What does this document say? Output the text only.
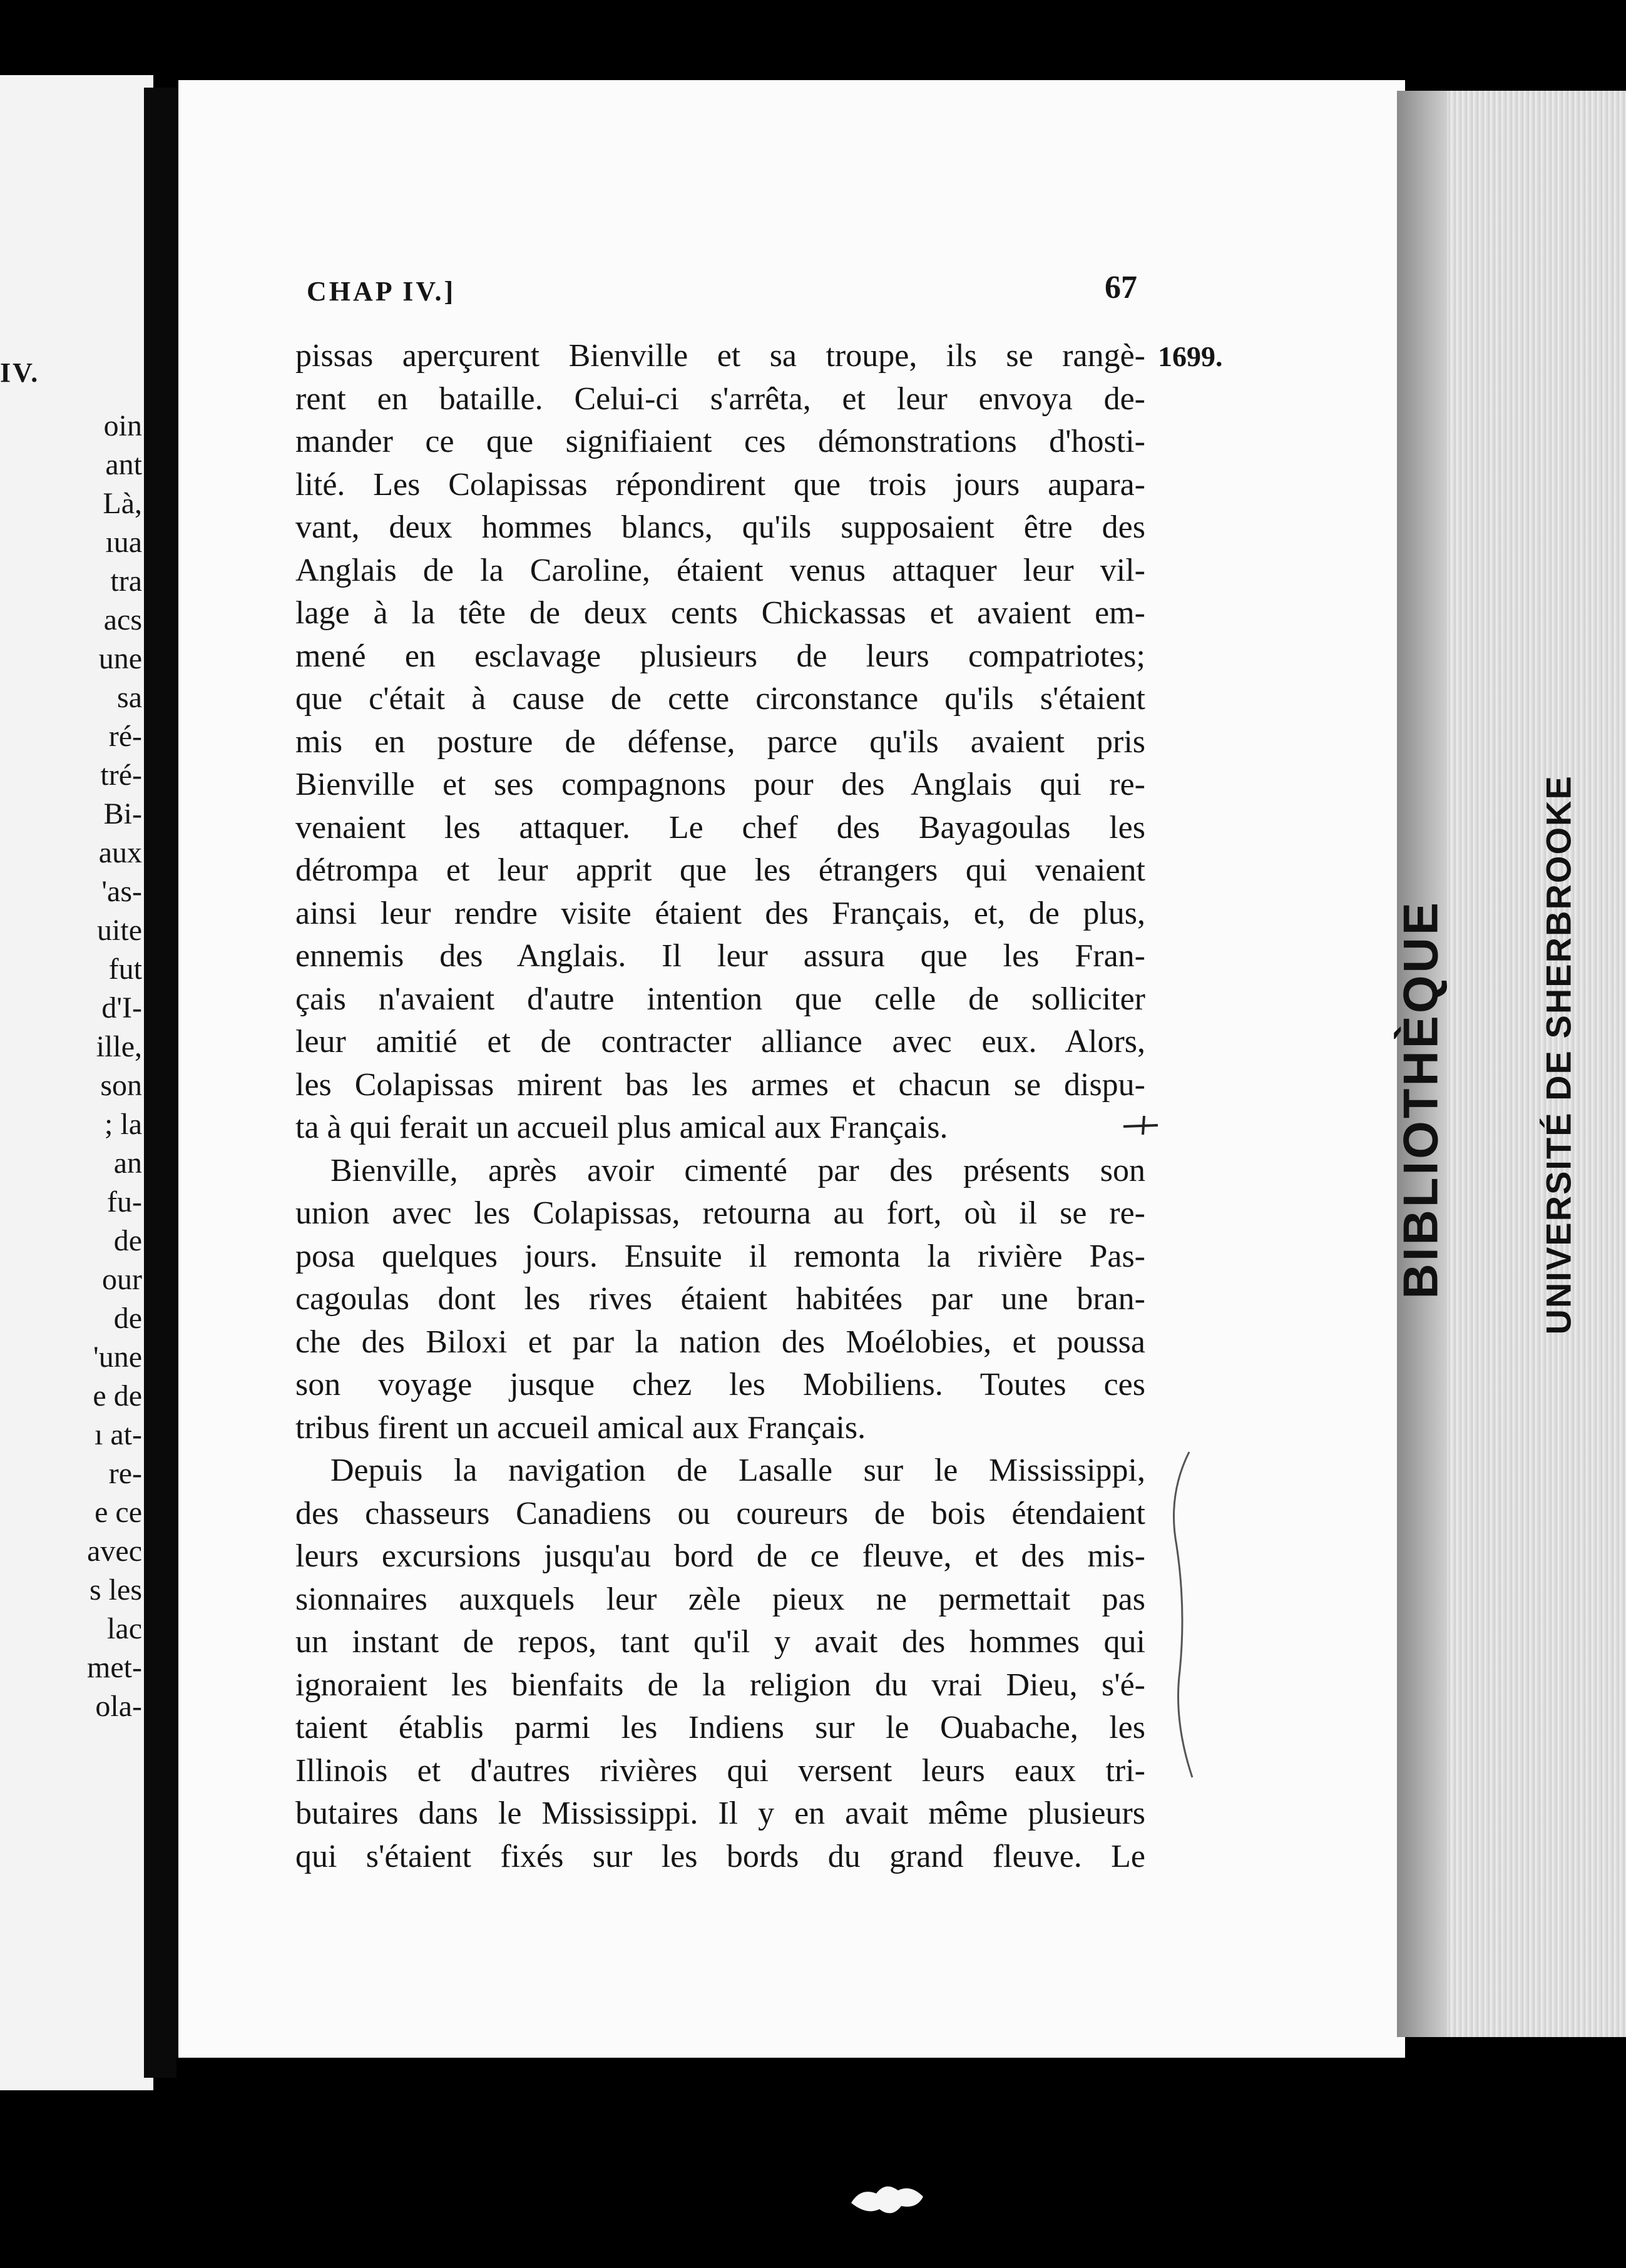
IV.
oin
ant
Là,
ıua
tra
acs
une
sa
ré-
tré-
Bi-
aux
'as-
uite
fut
d'I-
ille,
son
; la
an
fu-
de
our
de
'une
e de
ı at-
re-
e ce
avec
s les
lac
met-
ola-
CHAP IV.]	67
1699.
pissas aperçurent Bienville et sa troupe, ils se rangè-
rent en bataille. Celui-ci s'arrêta, et leur envoya de-
mander ce que signifiaient ces démonstrations d'hosti-
lité. Les Colapissas répondirent que trois jours aupara-
vant, deux hommes blancs, qu'ils supposaient être des
Anglais de la Caroline, étaient venus attaquer leur vil-
lage à la tête de deux cents Chickassas et avaient em-
mené en esclavage plusieurs de leurs compatriotes;
que c'était à cause de cette circonstance qu'ils s'étaient
mis en posture de défense, parce qu'ils avaient pris
Bienville et ses compagnons pour des Anglais qui re-
venaient les attaquer. Le chef des Bayagoulas les
détrompa et leur apprit que les étrangers qui venaient
ainsi leur rendre visite étaient des Français, et, de plus,
ennemis des Anglais. Il leur assura que les Fran-
çais n'avaient d'autre intention que celle de solliciter
leur amitié et de contracter alliance avec eux. Alors,
les Colapissas mirent bas les armes et chacun se dispu-
ta à qui ferait un accueil plus amical aux Français.
Bienville, après avoir cimenté par des présents son
union avec les Colapissas, retourna au fort, où il se re-
posa quelques jours. Ensuite il remonta la rivière Pas-
cagoulas dont les rives étaient habitées par une bran-
che des Biloxi et par la nation des Moélobies, et poussa
son voyage jusque chez les Mobiliens. Toutes ces
tribus firent un accueil amical aux Français.
Depuis la navigation de Lasalle sur le Mississippi,
des chasseurs Canadiens ou coureurs de bois étendaient
leurs excursions jusqu'au bord de ce fleuve, et des mis-
sionnaires auxquels leur zèle pieux ne permettait pas
un instant de repos, tant qu'il y avait des hommes qui
ignoraient les bienfaits de la religion du vrai Dieu, s'é-
taient établis parmi les Indiens sur le Ouabache, les
Illinois et d'autres rivières qui versent leurs eaux tri-
butaires dans le Mississippi. Il y en avait même plusieurs
qui s'étaient fixés sur les bords du grand fleuve. Le
BIBLIOTHÈQUE	UNIVERSITÉ DE SHERBROOKE
